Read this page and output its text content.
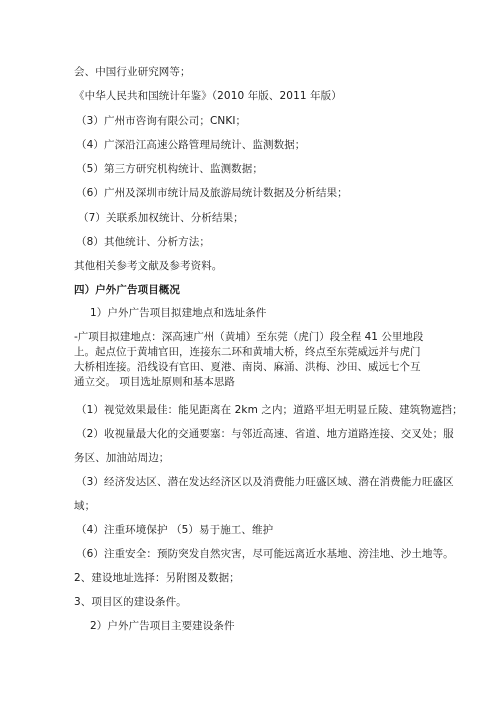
会、中国行业研究网等；
《中华人民共和国统计年鉴》（2010 年版、2011 年版）
（3）广州市咨询有限公司；CNKI；
（4）广深沿江高速公路管理局统计、监测数据；
（5）第三方研究机构统计、监测数据；
（6）广州及深圳市统计局及旅游局统计数据及分析结果；
（7）关联系加权统计、分析结果；
（8）其他统计、分析方法；
其他相关参考文献及参考资料。
四）户外广告项目概况
1）户外广告项目拟建地点和选址条件
-广项目拟建地点：深高速广州（黄埔）至东莞（虎门）段全程 41 公里地段上。起点位于黄埔官田，连接东二环和黄埔大桥，终点至东莞威远并与虎门大桥相连接。沿线设有官田、夏港、南岗、麻涌、洪梅、沙田、威远七个互通立交。 项目选址原则和基本思路
（1）视觉效果最佳：能见距离在 2km 之内；道路平坦无明显丘陵、建筑物遮挡；
（2）收视量最大化的交通要塞：与邻近高速、省道、地方道路连接、交叉处；服
务区、加油站周边；
（3）经济发达区、潜在发达经济区以及消费能力旺盛区域、潜在消费能力旺盛区
域；
（4）注重环境保护 （5）易于施工、维护
（6）注重安全：预防突发自然灾害，尽可能远离近水基地、滂洼地、沙土地等。
2、建设地址选择：另附图及数据；
3、项目区的建设条件。
2）户外广告项目主要建设条件
